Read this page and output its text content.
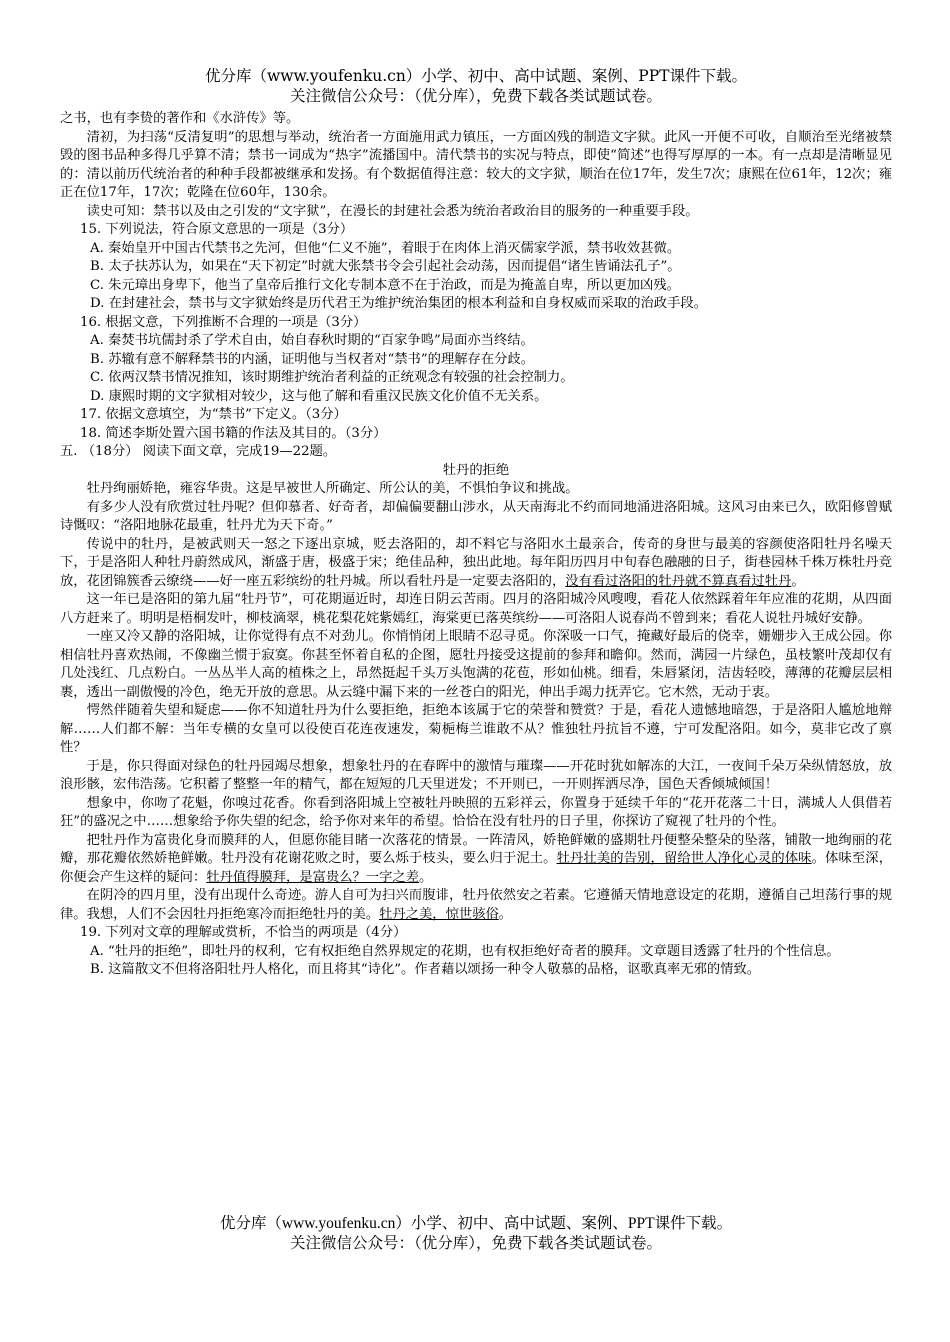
优分库（www.youfenku.cn）小学、初中、高中试题、案例、PPT课件下载。

关注微信公众号：（优分库），免费下载各类试题试卷。

之书，也有李贽的著作和《水浒传》等。

清初，为扫荡“反清复明”的思想与举动，统治者一方面施用武力镇压，一方面凶残的制造文字狱。此风一开便不可收，自顺治至光绪被禁毁的图书品种多得几乎算不清；禁书一词成为“热字”流播国中。清代禁书的实况与特点，即使“简述”也得写厚厚的一本。有一点却是清晰显见的：清以前历代统治者的种种手段都被继承和发扬。有个数据值得注意：较大的文字狱，顺治在位17年，发生7次；康熙在位61年，12次；雍正在位17年，17次；乾隆在位60年，130余。

读史可知：禁书以及由之引发的“文字狱”，在漫长的封建社会悉为统治者政治目的服务的一种重要手段。

15. 下列说法，符合原文意思的一项是（3分）

A. 秦始皇开中国古代禁书之先河，但他“仁义不施”，着眼于在肉体上消灭儒家学派，禁书收效甚微。

B. 太子扶苏认为，如果在“天下初定”时就大张禁书令会引起社会动荡，因而提倡“诸生皆诵法孔子”。

C. 朱元璋出身卑下，他当了皇帝后推行文化专制本意不在于治政，而是为掩盖自卑，所以更加凶残。

D. 在封建社会，禁书与文字狱始终是历代君王为维护统治集团的根本利益和自身权威而采取的治政手段。

16. 根据文意，下列推断不合理的一项是（3分）

A. 秦焚书坑儒封杀了学术自由，始自春秋时期的“百家争鸣”局面亦当终结。

B. 苏辙有意不解释禁书的内涵，证明他与当权者对“禁书”的理解存在分歧。

C. 依两汉禁书情况推知，该时期维护统治者利益的正统观念有较强的社会控制力。

D. 康熙时期的文字狱相对较少，这与他了解和看重汉民族文化价值不无关系。

17. 依据文意填空，为“禁书”下定义。（3分）

18. 简述李斯处置六国书籍的作法及其目的。（3分）

五. （18分） 阅读下面文章，完成19—22题。

牡丹的拒绝

牡丹绚丽娇艳，雍容华贵。这是早被世人所确定、所公认的美，不惧怕争议和挑战。

有多少人没有欣赏过牡丹呢？但仰慕者、好奇者，却偏偏要翻山涉水，从天南海北不约而同地涌进洛阳城。这风习由来已久，欧阳修曾赋诗慨叹：“洛阳地脉花最重，牡丹尤为天下奇。”

传说中的牡丹，是被武则天一怒之下逐出京城，贬去洛阳的，却不料它与洛阳水土最亲合，传奇的身世与最美的容颜使洛阳牡丹名噪天下，于是洛阳人种牡丹蔚然成风，渐盛于唐，极盛于宋；绝佳品种，独出此地。每年阳历四月中旬春色融融的日子，街巷园林千株万株牡丹竞放，花团锦簇香云缭绕——好一座五彩缤纷的牡丹城。所以看牡丹是一定要去洛阳的，没有看过洛阳的牡丹就不算真看过牡丹。

这一年已是洛阳的第九届“牡丹节”，可花期逼近时，却连日阴云苦雨。四月的洛阳城冷风嗖嗖，看花人依然踩着年年应准的花期，从四面八方赶来了。明明是梧桐发叶，柳枝滴翠，桃花梨花姹紫嫣红，海棠更已落英缤纷——可洛阳人说春尚不曾到来；看花人说牡丹城好安静。

一座又冷又静的洛阳城，让你觉得有点不对劲儿。你悄悄闭上眼睛不忍寻觅。你深吸一口气，掩藏好最后的侥幸，姗姗步入王成公园。你相信牡丹喜欢热闹，不像幽兰惯于寂寞。你甚至怀着自私的企图，愿牡丹接受这提前的参拜和瞻仰。然而，满园一片绿色，虽枝繁叶茂却仅有几处浅红、几点粉白。一丛丛半人高的植株之上，昂然挺起千头万头饱满的花苞，形如仙桃。细看，朱唇紧闭，洁齿轻咬，薄薄的花瓣层层相裹，透出一副傲慢的冷色，绝无开放的意思。从云缝中漏下来的一丝苍白的阳光，伸出手竭力抚弄它。它木然，无动于衷。

愕然伴随着失望和疑虑——你不知道牡丹为什么要拒绝，拒绝本该属于它的荣誉和赞赏？于是，看花人遗憾地暗怨，于是洛阳人尴尬地辩解……人们都不解：当年专横的女皇可以役使百花连夜速发，菊梔梅兰谁敢不从？惟独牡丹抗旨不遵，宁可发配洛阳。如今，莫非它改了禀性？

于是，你只得面对绿色的牡丹园竭尽想象，想象牡丹的在春晖中的激情与璀璨——开花时犹如解冻的大江，一夜间千朵万朵纵情怒放，放浪形骸，宏伟浩荡。它积蓄了整整一年的精气，都在短短的几天里迸发；不开则已，一开则挥洒尽净，国色天香倾城倾国！

想象中，你吻了花魁，你嗅过花香。你看到洛阳城上空被牡丹映照的五彩祥云，你置身于延续千年的“花开花落二十日，满城人人俱借若狂”的盛况之中……想象给予你失望的纪念，给予你对来年的希望。恰恰在没有牡丹的日子里，你探访了窥视了牡丹的个性。

把牡丹作为富贵化身而膜拜的人，但愿你能目睹一次落花的情景。一阵清风，娇艳鲜嫩的盛期牡丹便整朵整朵的坠落，铺散一地绚丽的花瓣，那花瓣依然娇艳鲜嫩。牡丹没有花谢花败之时，要么烁于枝头，要么归于泥土。牡丹壮美的告别，留给世人净化心灵的体味。体味至深，你便会产生这样的疑问：牡丹值得膜拜，是富贵么？一字之差。

在阴冷的四月里，没有出现什么奇迹。游人自可为扫兴而腹诽，牡丹依然安之若素。它遵循天情地意设定的花期，遵循自己坦荡行事的规律。我想，人们不会因牡丹拒绝寒冷而拒绝牡丹的美。牡丹之美，惊世骇俗。

19. 下列对文章的理解或赏析，不恰当的两项是（4分）

A. “牡丹的拒绝”，即牡丹的权利，它有权拒绝自然界规定的花期，也有权拒绝好奇者的膜拜。文章题目透露了牡丹的个性信息。

B. 这篇散文不但将洛阳牡丹人格化，而且将其“诗化”。作者藉以颂扬一种令人敬慕的品格，讴歌真率无邪的情致。

优分库（www.youfenku.cn）小学、初中、高中试题、案例、PPT课件下载。

关注微信公众号：（优分库），免费下载各类试题试卷。
